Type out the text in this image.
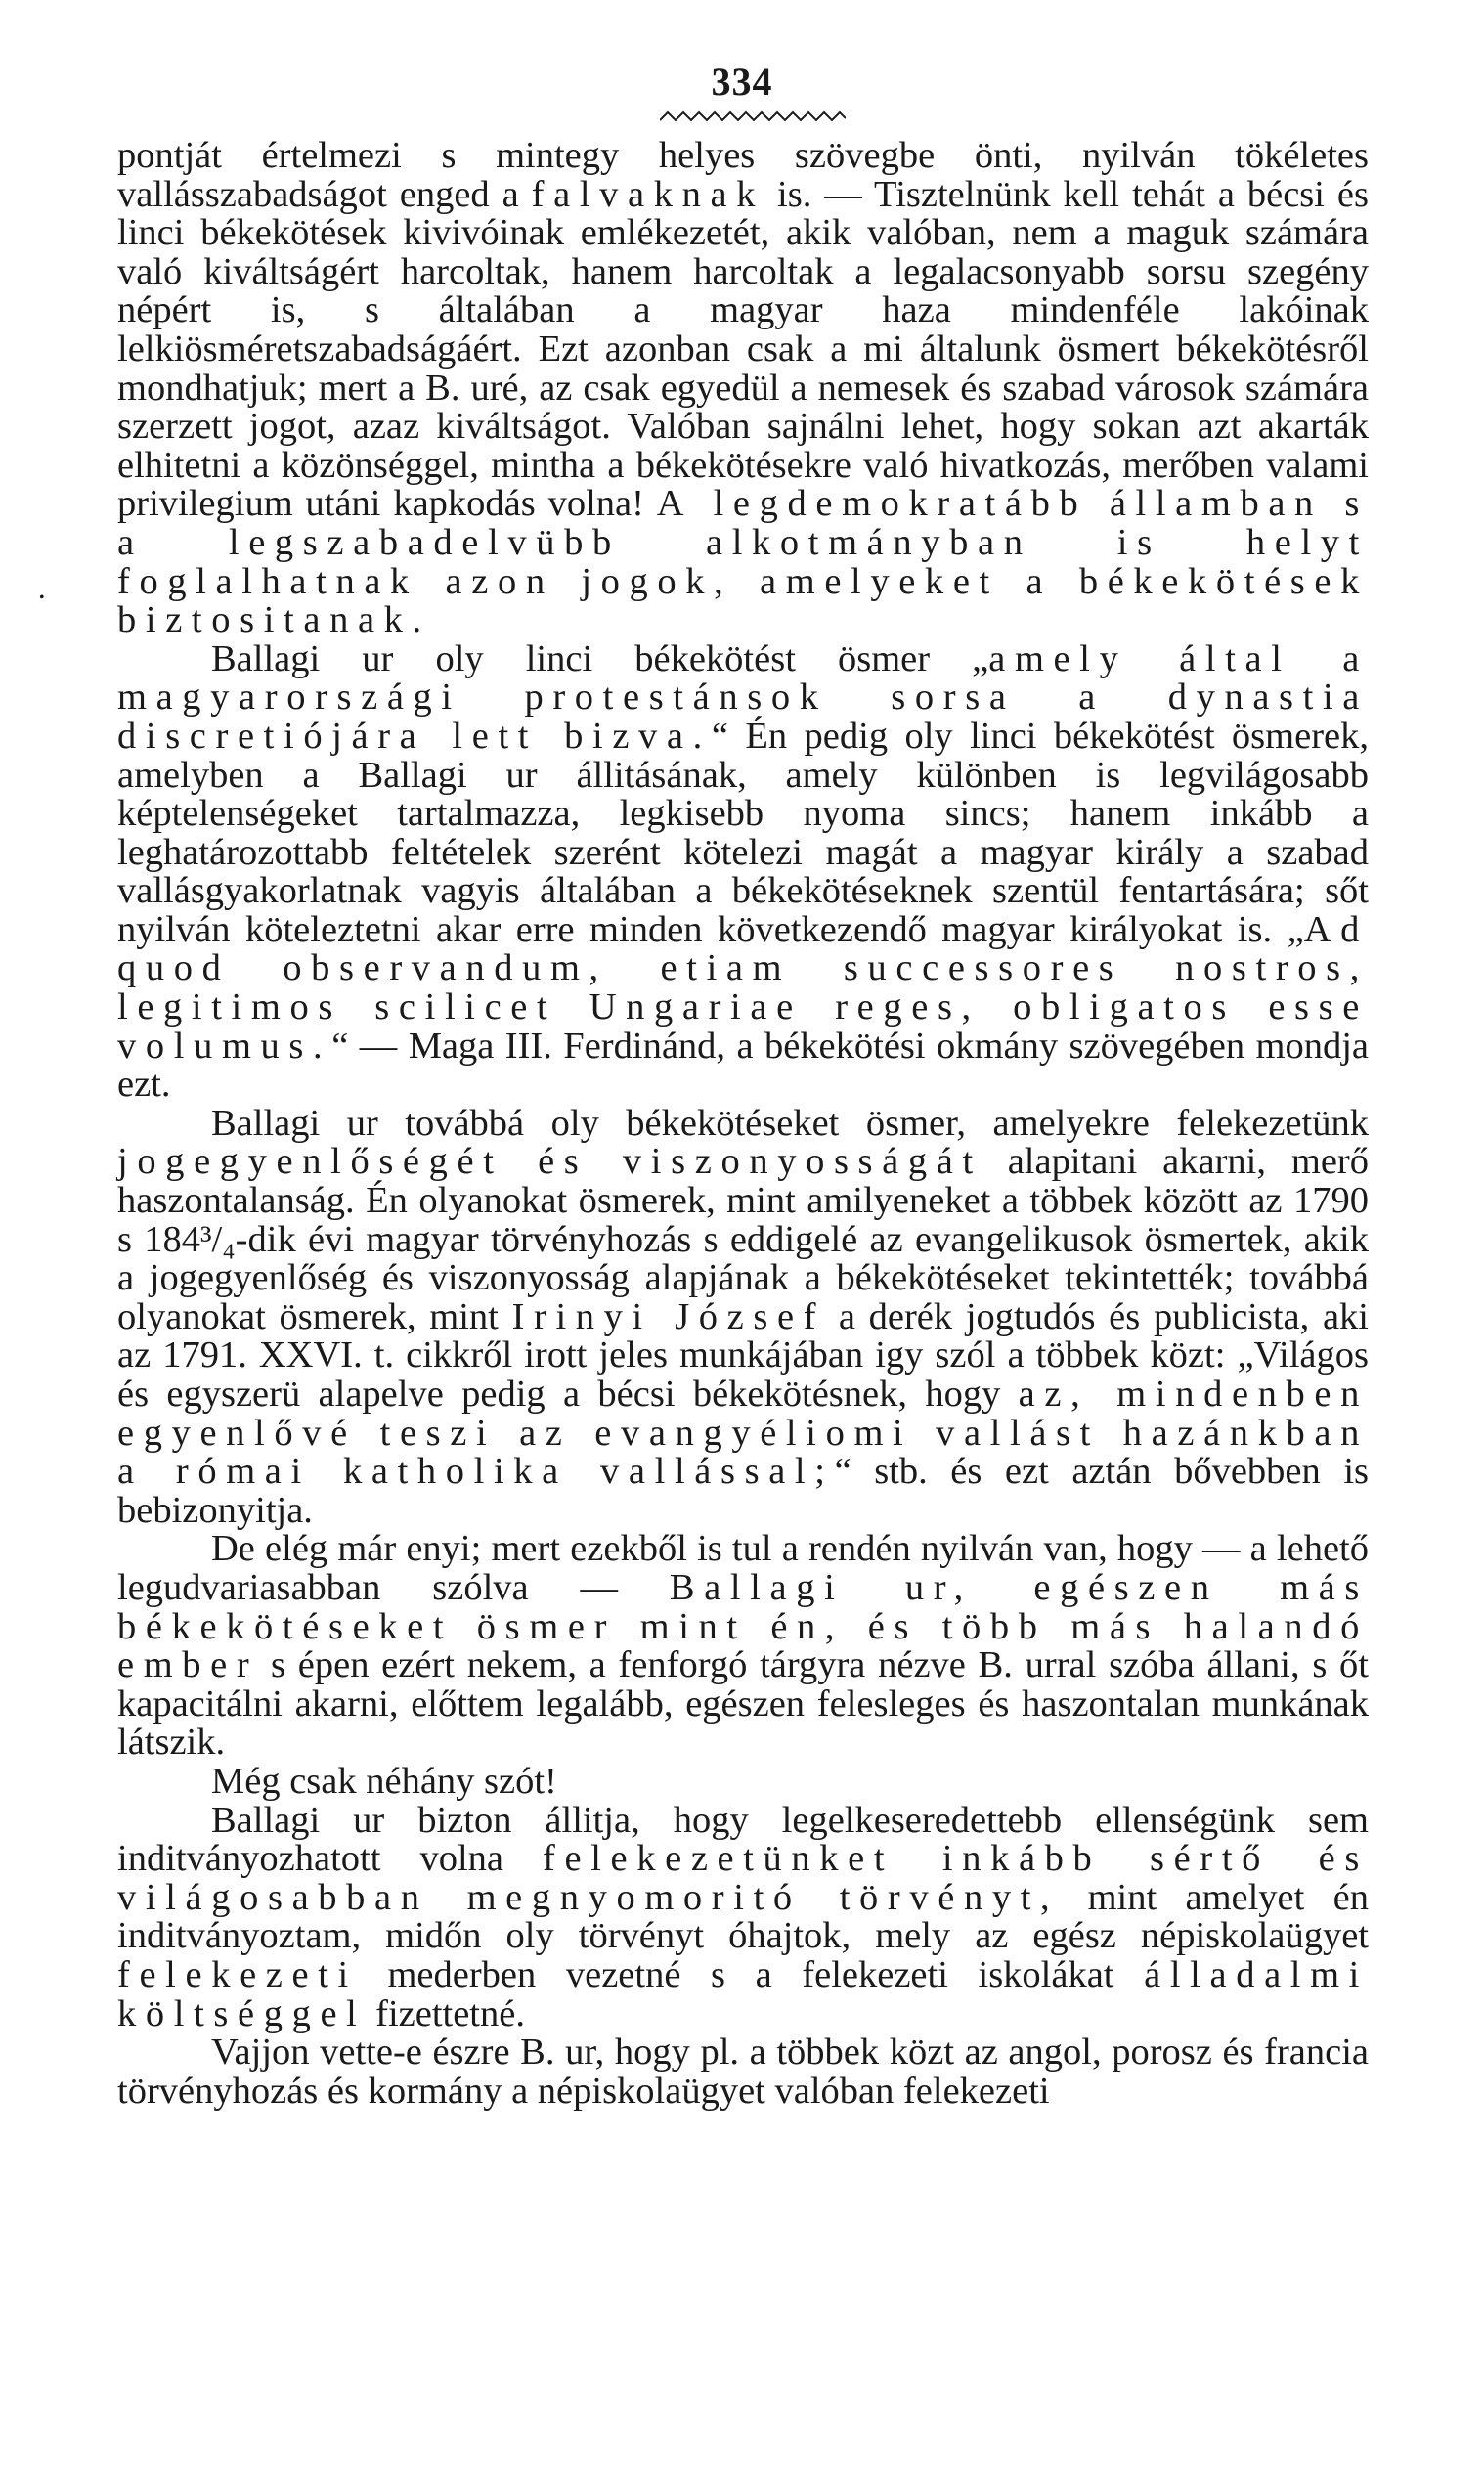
334
•

pontját értelmezi s mintegy helyes szövegbe önti, nyilván tökéletes vallásszabadságot enged a falvaknak is. — Tisztelnünk kell tehát a bécsi és linci békekötések kivivóinak emlékezetét, akik valóban, nem a maguk számára való kiváltságért harcoltak, hanem harcoltak a legalacsonyabb sorsu szegény népért is, s általában a magyar haza mindenféle lakóinak lelkiösméretszabadságáért. Ezt azonban csak a mi általunk ösmert békekötésről mondhatjuk; mert a B. uré, az csak egyedül a nemesek és szabad városok számára szerzett jogot, azaz kiváltságot. Valóban sajnálni lehet, hogy sokan azt akarták elhitetni a közönséggel, mintha a békekötésekre való hivatkozás, merőben valami privilegium utáni kapkodás volna! A legdemokratább államban s a legszabadelvübb alkotmányban is helyt foglalhatnak azon jogok, amelyeket a békekötések biztositanak.

Ballagi ur oly linci békekötést ösmer „amely által a magyarországi protestánsok sorsa a dynastia discretiójára lett bizva.“ Én pedig oly linci békekötést ösmerek, amelyben a Ballagi ur állitásának, amely különben is legvilágosabb képtelenségeket tartalmazza, legkisebb nyoma sincs; hanem inkább a leghatározottabb feltételek szerént kötelezi magát a magyar király a szabad vallásgyakorlatnak vagyis általában a békekötéseknek szentül fentartására; sőt nyilván köteleztetni akar erre minden következendő magyar királyokat is. „Ad quod observandum, etiam successores nostros, legitimos scilicet Ungariae reges, obligatos esse volumus.“ — Maga III. Ferdinánd, a békekötési okmány szövegében mondja ezt.

Ballagi ur továbbá oly békekötéseket ösmer, amelyekre felekezetünk jogegyenlőségét és viszonyosságát alapitani akarni, merő haszontalanság. Én olyanokat ösmerek, mint amilyeneket a többek között az 1790 s 184³/₄-dik évi magyar törvényhozás s eddigelé az evangelikusok ösmertek, akik a jogegyenlőség és viszonyosság alapjának a békekötéseket tekintették; továbbá olyanokat ösmerek, mint Irinyi József a derék jogtudós és publicista, aki az 1791. XXVI. t. cikkről irott jeles munkájában igy szól a többek közt: „Világos és egyszerü alapelve pedig a bécsi békekötésnek, hogy az, mindenben egyenlővé teszi az evangyéliomi vallást hazánkban a római katholika vallással;“ stb. és ezt aztán bővebben is bebizonyitja.

De elég már enyi; mert ezekből is tul a rendén nyilván van, hogy — a lehető legudvariasabban szólva — Ballagi ur, egészen más békekötéseket ösmer mint én, és több más halandó ember s épen ezért nekem, a fenforgó tárgyra nézve B. urral szóba állani, s őt kapacitálni akarni, előttem legalább, egészen felesleges és haszontalan munkának látszik.

Még csak néhány szót!

Ballagi ur bizton állitja, hogy legelkeseredettebb ellenségünk sem inditványozhatott volna felekezetünket inkább sértő és világosabban megnyomoritó törvényt, mint amelyet én inditványoztam, midőn oly törvényt óhajtok, mely az egész népiskolaügyet felekezeti mederben vezetné s a felekezeti iskolákat álladalmi költséggel fizettetné.

Vajjon vette-e észre B. ur, hogy pl. a többek közt az angol, porosz és francia törvényhozás és kormány a népiskolaügyet valóban felekezeti
